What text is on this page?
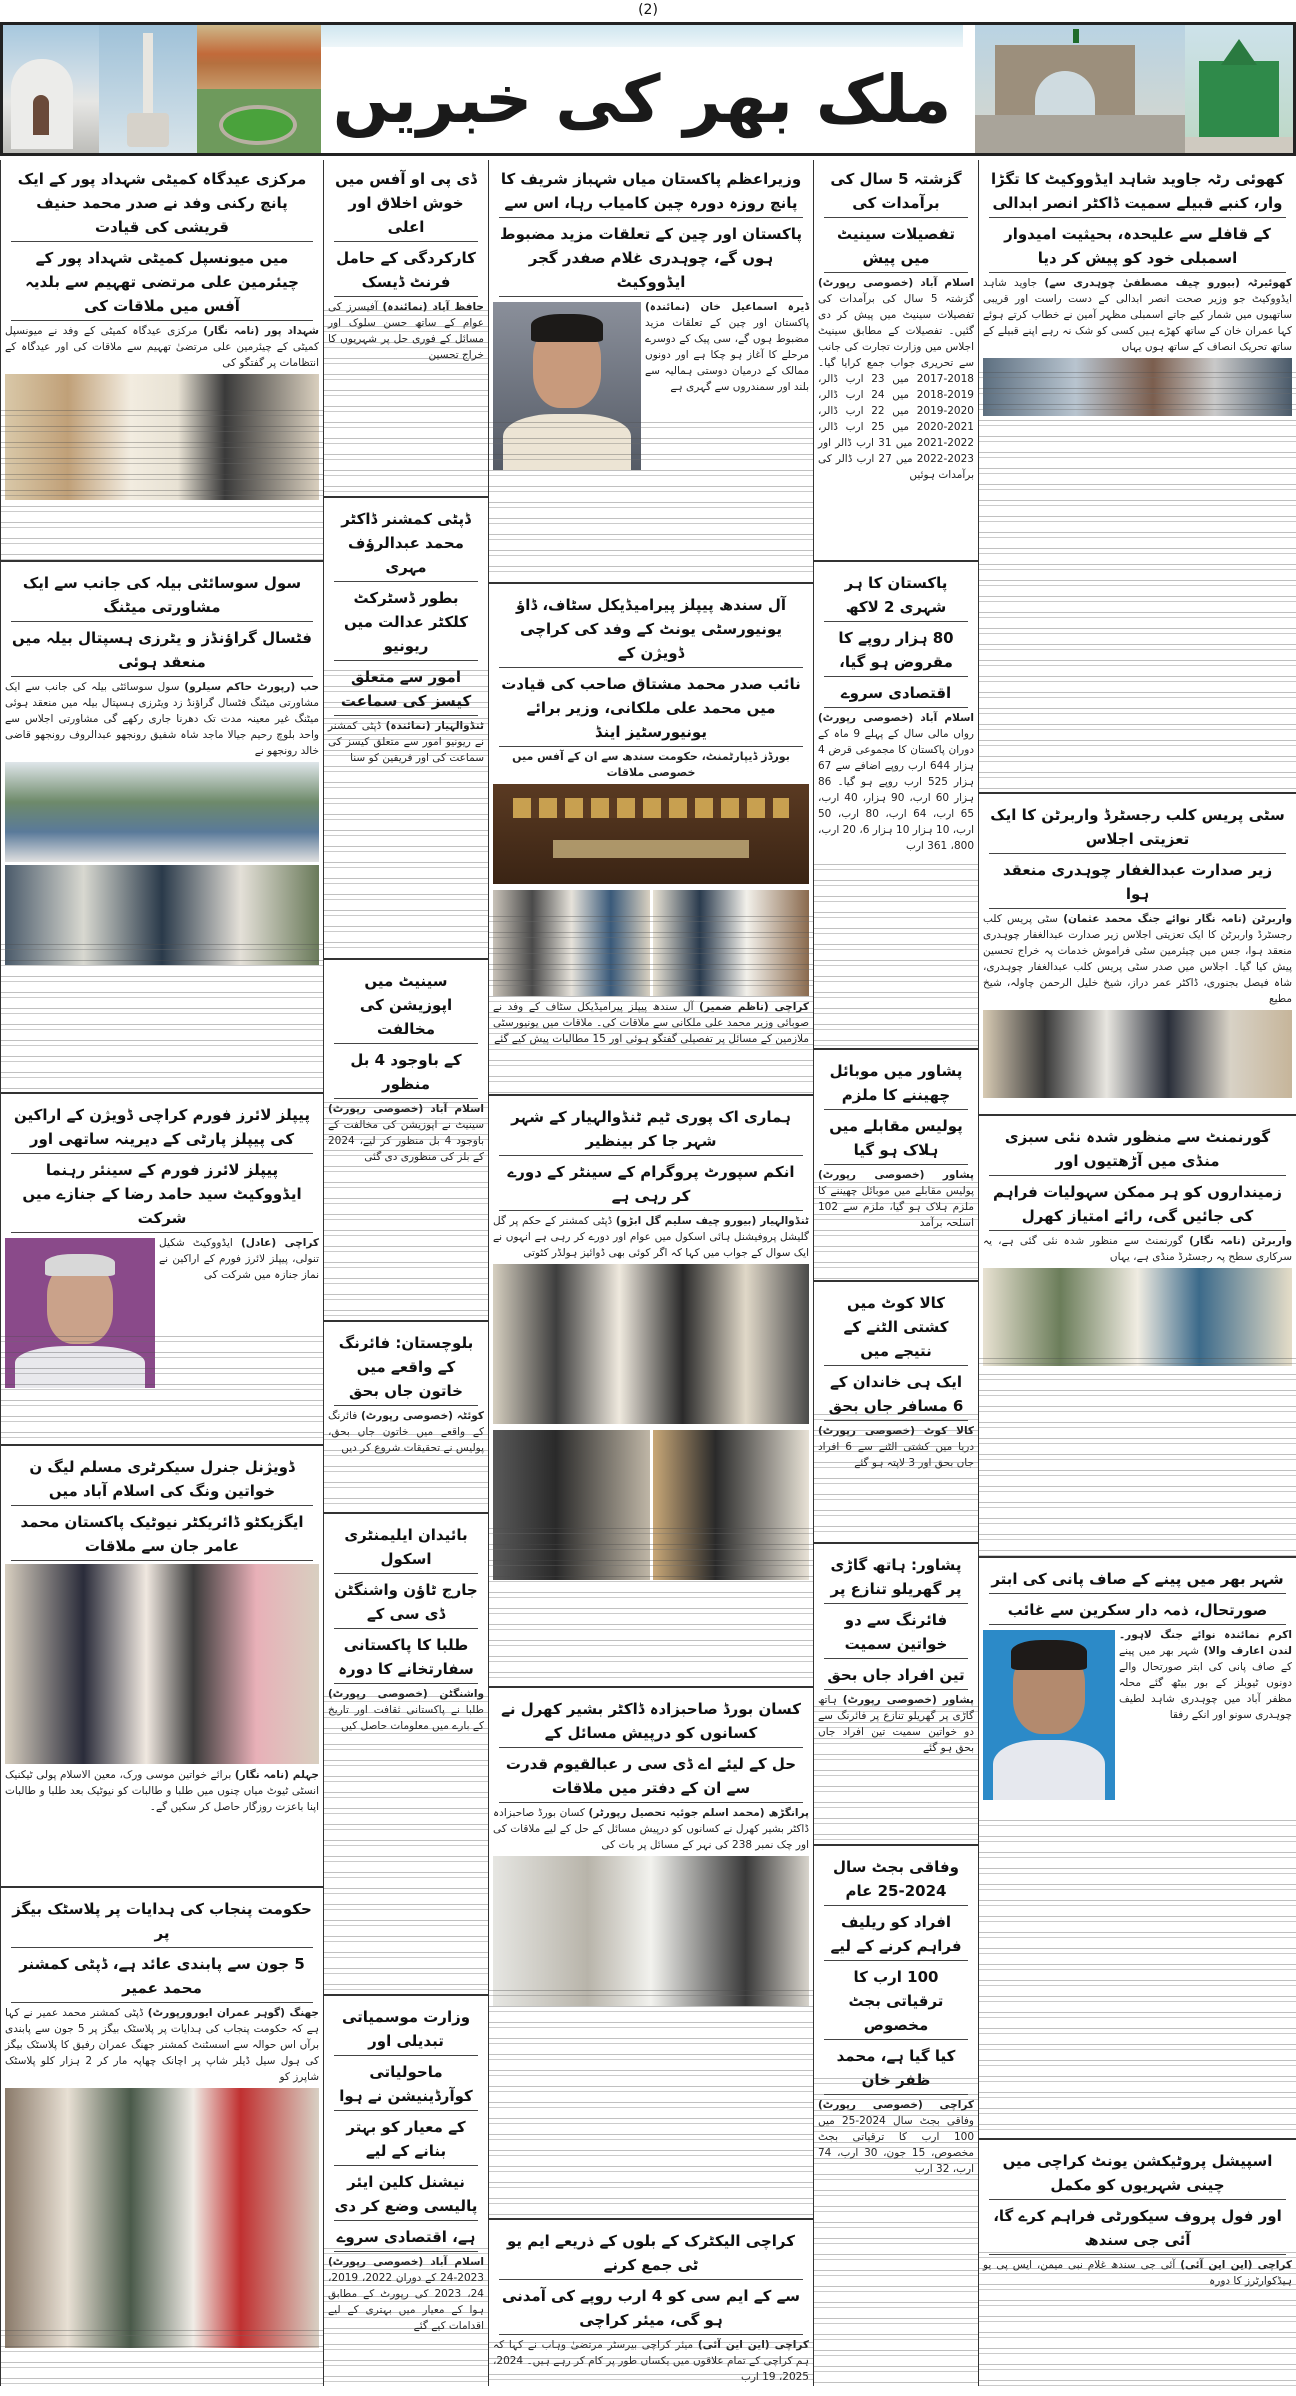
(2)
ملک بھر کی خبریں
کھوئی رٹہ جاوید شاہد ایڈووکیٹ کا تگڑا وار، کنبے قبیلے سمیت ڈاکٹر انصر ابدالی
کے قافلے سے علیحدہ، بحیثیت امیدوار اسمبلی خود کو پیش کر دیا

کھوئیرٹہ (بیورو چیف مصطفیٰ چوہدری سے) جاوید شاہد ایڈووکیٹ جو وزیر صحت انصر ابدالی کے دست راست اور قریبی ساتھیوں میں شمار کیے جاتے اسمبلی مظہر آمین نے خطاب کرتے ہوئے کہا عمران خان کے ساتھ کھڑے ہیں کسی کو شک نہ رہے اپنے قبیلے کے ساتھ تحریک انصاف کے ساتھ ہوں یہاں

سٹی پریس کلب رجسٹرڈ واربرٹن کا ایک تعزیتی اجلاس
زیر صدارت عبدالغفار چوہدری منعقد ہوا

واربرٹن (نامہ نگار نوائے جنگ محمد عثمان) سٹی پریس کلب رجسٹرڈ واربرٹن کا ایک تعزیتی اجلاس زیر صدارت عبدالغفار چوہدری منعقد ہوا، جس میں چیئرمین سٹی فراموش خدمات پہ خراج تحسین پیش کیا گیا۔ اجلاس میں صدر سٹی پریس کلب عبدالغفار چوہدری، شاہ فیصل بجنوری، ڈاکٹر عمر دراز، شیخ خلیل الرحمن چاولہ، شیخ مطیع

گورنمنٹ سے منظور شدہ نئی سبزی منڈی میں آڑھتیوں اور
زمینداروں کو ہر ممکن سہولیات فراہم کی جائیں گی، رائے امتیاز کھرل

واربرٹن (نامہ نگار) گورنمنٹ سے منظور شدہ نئی گئی ہے، یہ سرکاری سطح پہ رجسٹرڈ منڈی ہے، یہاں

شہر بھر میں پینے کے صاف پانی کی ابتر
صورتحال، ذمہ دار سکرین سے غائب

اکرم نمائندہ نوائے جنگ لاہور۔لندن اعارف والا) شہر بھر میں پینے کے صاف پانی کی ابتر صورتحال والے دونوں ٹیوبلز کے بور بیٹھ گئے محلہ مظفر آباد میں چوہدری شاہد لطیف چوہدری سونو اور انکے رفقا

اسپیشل پروٹیکشن یونٹ کراچی میں چینی شہریوں کو مکمل
اور فول پروف سیکورٹی فراہم کرے گا، آئی جی سندھ

کراچی (این این آئی) آئی جی سندھ غلام نبی میمن، ایس پی یو ہیڈکوارٹرز کا دورہ

گزشتہ 5 سال کی برآمدات کی
تفصیلات سینیٹ میں پیش

اسلام آباد (خصوصی رپورٹ) گزشتہ 5 سال کی برآمدات کی تفصیلات سینیٹ میں پیش کر دی گئیں۔ تفصیلات کے مطابق سینیٹ اجلاس میں وزارت تجارت کی جانب سے تحریری جواب جمع کرایا گیا۔ 2018-2017 میں 23 ارب ڈالر، 2019-2018 میں 24 ارب ڈالر، 2020-2019 میں 22 ارب ڈالر، 2021-2020 میں 25 ارب ڈالر، 2022-2021 میں 31 ارب ڈالر اور 2023-2022 میں 27 ارب ڈالر کی برآمدات ہوئیں

پاکستان کا ہر شہری 2 لاکھ
80 ہزار روپے کا مقروض ہو گیا،
اقتصادی سروے

اسلام آباد (خصوصی رپورٹ) رواں مالی سال کے پہلے 9 ماہ کے دوران پاکستان کا مجموعی قرض 4 ہزار 644 ارب روپے اضافے سے 67 ہزار 525 ارب روپے ہو گیا۔ 86 ہزار 60 ارب، 90 ہزار، 40 ارب، 65 ارب، 64 ارب، 80 ارب، 50 ارب، 10 ہزار 10 ہزار 6، 20 ارب، 800، 361 ارب

پشاور میں موبائل چھیننے کا ملزم
پولیس مقابلے میں ہلاک ہو گیا

پشاور (خصوصی رپورٹ) پولیس مقابلے میں موبائل چھیننے کا ملزم ہلاک ہو گیا، ملزم سے 102 اسلحہ برآمد

کالا کوٹ میں کشتی الٹنے کے نتیجے میں
ایک ہی خاندان کے 6 مسافر جاں بحق

کالا کوٹ (خصوصی رپورٹ) دریا میں کشتی الٹنے سے 6 افراد جاں بحق اور 3 لاپتہ ہو گئے

پشاور: ہاتھ گاڑی پر گھریلو تنازع پر
فائرنگ سے دو خواتین سمیت
تین افراد جاں بحق

پشاور (خصوصی رپورٹ) ہاتھ گاڑی پر گھریلو تنازع پر فائرنگ سے دو خواتین سمیت تین افراد جاں بحق ہو گئے

وفاقی بجٹ سال 2024-25 عام
افراد کو ریلیف فراہم کرنے کے لیے
100 ارب کا ترقیاتی بجٹ مخصوص
کیا گیا ہے، محمد ظفر خان

کراچی (خصوصی رپورٹ) وفاقی بجٹ سال 2024-25 میں 100 ارب کا ترقیاتی بجٹ مخصوص، 15 جون، 30 ارب، 74 ارب، 32 ارب

وزیراعظم پاکستان میاں شہباز شریف کا پانچ روزہ دورہ چین کامیاب رہا، اس سے
پاکستان اور چین کے تعلقات مزید مضبوط ہوں گے، چوہدری غلام صفدر گجر ایڈووکیٹ

ڈیرہ اسماعیل خان (نمائندہ) پاکستان اور چین کے تعلقات مزید مضبوط ہوں گے، سی پیک کے دوسرے مرحلے کا آغاز ہو چکا ہے اور دونوں ممالک کے درمیان دوستی ہمالیہ سے بلند اور سمندروں سے گہری ہے

آل سندھ پیپلز پیرامیڈیکل سٹاف، ڈاؤ یونیورسٹی یونٹ کے وفد کی کراچی ڈویژن کے
نائب صدر محمد مشتاق صاحب کی قیادت میں محمد علی ملکانی، وزیر برائے یونیورسٹیز اینڈ
بورڈز ڈیپارٹمنٹ، حکومت سندھ سے ان کے آفس میں خصوصی ملاقات

کراچی (ناظم ضمیر) آل سندھ پیپلز پیرامیڈیکل سٹاف کے وفد نے صوبائی وزیر محمد علی ملکانی سے ملاقات کی۔ ملاقات میں یونیورسٹی ملازمین کے مسائل پر تفصیلی گفتگو ہوئی اور 15 مطالبات پیش کیے گئے

ہماری اک پوری ٹیم ٹنڈوالہیار کے شہر شہر جا کر بینظیر
انکم سپورٹ پروگرام کے سینٹر کے دورے کر رہی ہے

ٹنڈوالہیار (بیورو چیف سلیم گل ابڑو) ڈپٹی کمشنر کے حکم پر گل گلیشل پروفیشنل ہائی اسکول میں عوام اور دورے کر رہی ہے انہوں نے ایک سوال کے جواب میں کہا کہ اگر کوئی بھی ڈوائیز ہولڈر کٹوتی

کسان بورڈ صاحبزادہ ڈاکٹر بشیر کھرل نے کسانوں کو درپیش مسائل کے
حل کے لیئے اے ڈی سی ر عبالقیوم قدرت سے ان کے دفتر میں ملاقات

پرانگڑھ (محمد اسلم جوئیہ تحصیل رپورٹر) کسان بورڈ صاحبزادہ ڈاکٹر بشیر کھرل نے کسانوں کو درپیش مسائل کے حل کے لیے ملاقات کی اور چک نمبر 238 کی نہر کے مسائل پر بات کی

کراچی الیکٹرک کے بلوں کے ذریعے ایم یو ٹی جمع کرنے
سے کے ایم سی کو 4 ارب روپے کی آمدنی ہو گی، میئر کراچی

کراچی (این این آئی) میئر کراچی بیرسٹر مرتضیٰ وہاب نے کہا کہ ہم کراچی کے تمام علاقوں میں یکساں طور پر کام کر رہے ہیں۔ 2024، 2025، 19 ارب

ڈی پی او آفس میں خوش اخلاق اور اعلی
کارکردگی کے حامل فرنٹ ڈیسک

حافظ آباد (نمائندہ) آفیسرز کی عوام کے ساتھ حسن سلوک اور مسائل کے فوری حل پر شہریوں کا خراج تحسین

ڈپٹی کمشنر ڈاکٹر محمد عبدالرؤف مہری
بطور ڈسٹرکٹ کلکٹر عدالت میں ریونیو
امور سے متعلق کیسز کی سماعت

ٹنڈوالہیار (نمائندہ) ڈپٹی کمشنر نے ریونیو امور سے متعلق کیسز کی سماعت کی اور فریقین کو سنا

سینیٹ میں اپوزیشن کی مخالفت
کے باوجود 4 بل منظور

اسلام آباد (خصوصی رپورٹ) سینیٹ نے اپوزیشن کی مخالفت کے باوجود 4 بل منظور کر لیے، 2024 کے بلز کی منظوری دی گئی

بلوچستان: فائرنگ کے واقعے میں خاتون جاں بحق

کوئٹہ (خصوصی رپورٹ) فائرنگ کے واقعے میں خاتون جاں بحق، پولیس نے تحقیقات شروع کر دیں

بائیدان ایلیمنٹری اسکول
جارج ٹاؤن واشنگٹن ڈی سی کے
طلبا کا پاکستانی سفارتخانے کا دورہ

واشنگٹن (خصوصی رپورٹ) طلبا نے پاکستانی ثقافت اور تاریخ کے بارے میں معلومات حاصل کیں

وزارت موسمیاتی تبدیلی اور
ماحولیاتی کوآرڈینیشن نے ہوا
کے معیار کو بہتر بنانے کے لیے
نیشنل کلین ایئر پالیسی وضع کر دی
ہے، اقتصادی سروے

اسلام آباد (خصوصی رپورٹ) 2023-24 کے دوران 2022، 2019، 24، 2023 کی رپورٹ کے مطابق ہوا کے معیار میں بہتری کے لیے اقدامات کیے گئے

مرکزی عیدگاہ کمیٹی شہداد پور کے ایک پانچ رکنی وفد نے صدر محمد حنیف قریشی کی قیادت
میں میونسپل کمیٹی شہداد پور کے چیئرمین علی مرتضی تھہیم سے بلدیہ آفس میں ملاقات کی

شہداد پور (نامہ نگار) مرکزی عیدگاہ کمیٹی کے وفد نے میونسپل کمیٹی کے چیئرمین علی مرتضیٰ تھہیم سے ملاقات کی اور عیدگاہ کے انتظامات پر گفتگو کی

سول سوسائٹی بیلہ کی جانب سے ایک مشاورتی میٹنگ
فٹسال گراؤنڈز و یٹرزی ہسپتال بیلہ میں منعقد ہوئی

حب (رپورٹ حاکم سیلرو) سول سوسائٹی بیلہ کی جانب سے ایک مشاورتی میٹنگ فٹسال گراؤنڈ زد ویٹرزی ہسپتال بیلہ میں منعقد ہوئی میٹنگ غیر معینہ مدت تک دھرنا جاری رکھے گی مشاورتی اجلاس سے واحد بلوچ رحیم جیالا ماجد شاہ شفیق رونجھو عبدالروف رونجھو قاضی خالد رونجھو نے

پیپلز لائرز فورم کراچی ڈویژن کے اراکین کی پیپلز پارٹی کے دیرینہ ساتھی اور
پیپلز لائرز فورم کے سینئر رہنما ایڈووکیٹ سید حامد رضا کے جنازے میں شرکت

کراچی (عادل) ایڈووکیٹ شکیل تنولی، پیپلز لائرز فورم کے اراکین نے نماز جنازہ میں شرکت کی

ڈویژنل جنرل سیکرٹری مسلم لیگ ن خواتین ونگ کی اسلام آباد میں
ایگزیکٹو ڈائریکٹر نیوٹیک پاکستان محمد عامر جان سے ملاقات

جہلم (نامہ نگار) برائے خواتین موسی ورک، معین الاسلام پولی ٹیکنیک انسٹی ٹیوٹ میاں چنوں میں طلبا و طالبات کو نیوٹیک بعد طلبا و طالبات اپنا باعزت روزگار حاصل کر سکیں گے۔

حکومت پنجاب کی ہدایات پر پلاسٹک بیگز پر
5 جون سے پابندی عائد ہے، ڈپٹی کمشنر محمد عمیر

جھنگ (گوہر عمران ایورورپورٹ) ڈپٹی کمشنر محمد عمیر نے کہا ہے کہ حکومت پنجاب کی ہدایات پر پلاسٹک بیگز پر 5 جون سے پابندی برآں اس حوالہ سے اسسٹنٹ کمشنر جھنگ عمران رفیق کا پلاسٹک بیگز کی ہول سیل ڈیلر شاپ پر اچانک چھاپہ مار کر 2 ہزار کلو پلاسٹک شاپرز کو
